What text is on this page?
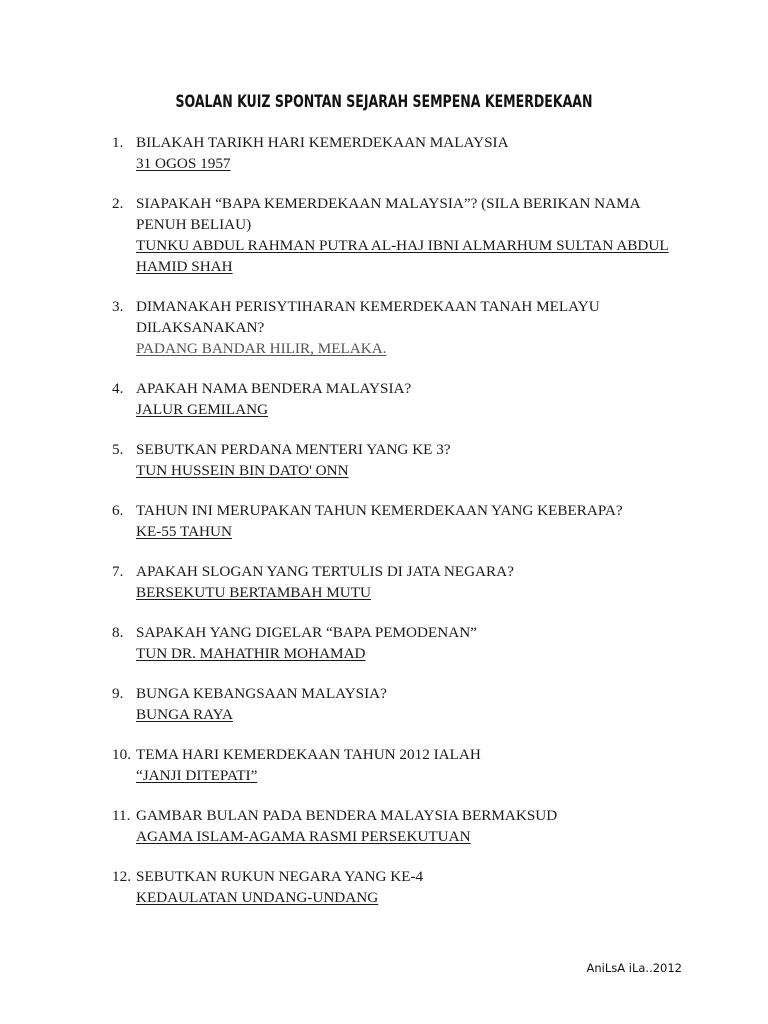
SOALAN KUIZ SPONTAN SEJARAH SEMPENA KEMERDEKAAN
1. BILAKAH TARIKH HARI KEMERDEKAAN MALAYSIA
31 OGOS 1957
2. SIAPAKAH “BAPA KEMERDEKAAN MALAYSIA”? (SILA BERIKAN NAMA PENUH BELIAU)
TUNKU ABDUL RAHMAN PUTRA AL-HAJ IBNI ALMARHUM SULTAN ABDUL HAMID SHAH
3. DIMANAKAH PERISYTIHARAN KEMERDEKAAN TANAH MELAYU DILAKSANAKAN?
PADANG BANDAR HILIR, MELAKA.
4. APAKAH NAMA BENDERA MALAYSIA?
JALUR GEMILANG
5. SEBUTKAN PERDANA MENTERI YANG KE 3?
TUN HUSSEIN BIN DATO' ONN
6. TAHUN INI MERUPAKAN TAHUN KEMERDEKAAN YANG KEBERAPA?
KE-55 TAHUN
7. APAKAH SLOGAN YANG TERTULIS DI JATA NEGARA?
BERSEKUTU BERTAMBAH MUTU
8. SAPAKAH YANG DIGELAR “BAPA PEMODENAN”
TUN DR. MAHATHIR MOHAMAD
9. BUNGA KEBANGSAAN MALAYSIA?
BUNGA RAYA
10. TEMA HARI KEMERDEKAAN TAHUN 2012 IALAH
“JANJI DITEPATI”
11. GAMBAR BULAN PADA BENDERA MALAYSIA BERMAKSUD
AGAMA ISLAM-AGAMA RASMI PERSEKUTUAN
12. SEBUTKAN RUKUN NEGARA YANG KE-4
KEDAULATAN UNDANG-UNDANG
AniLsA iLa..2012
